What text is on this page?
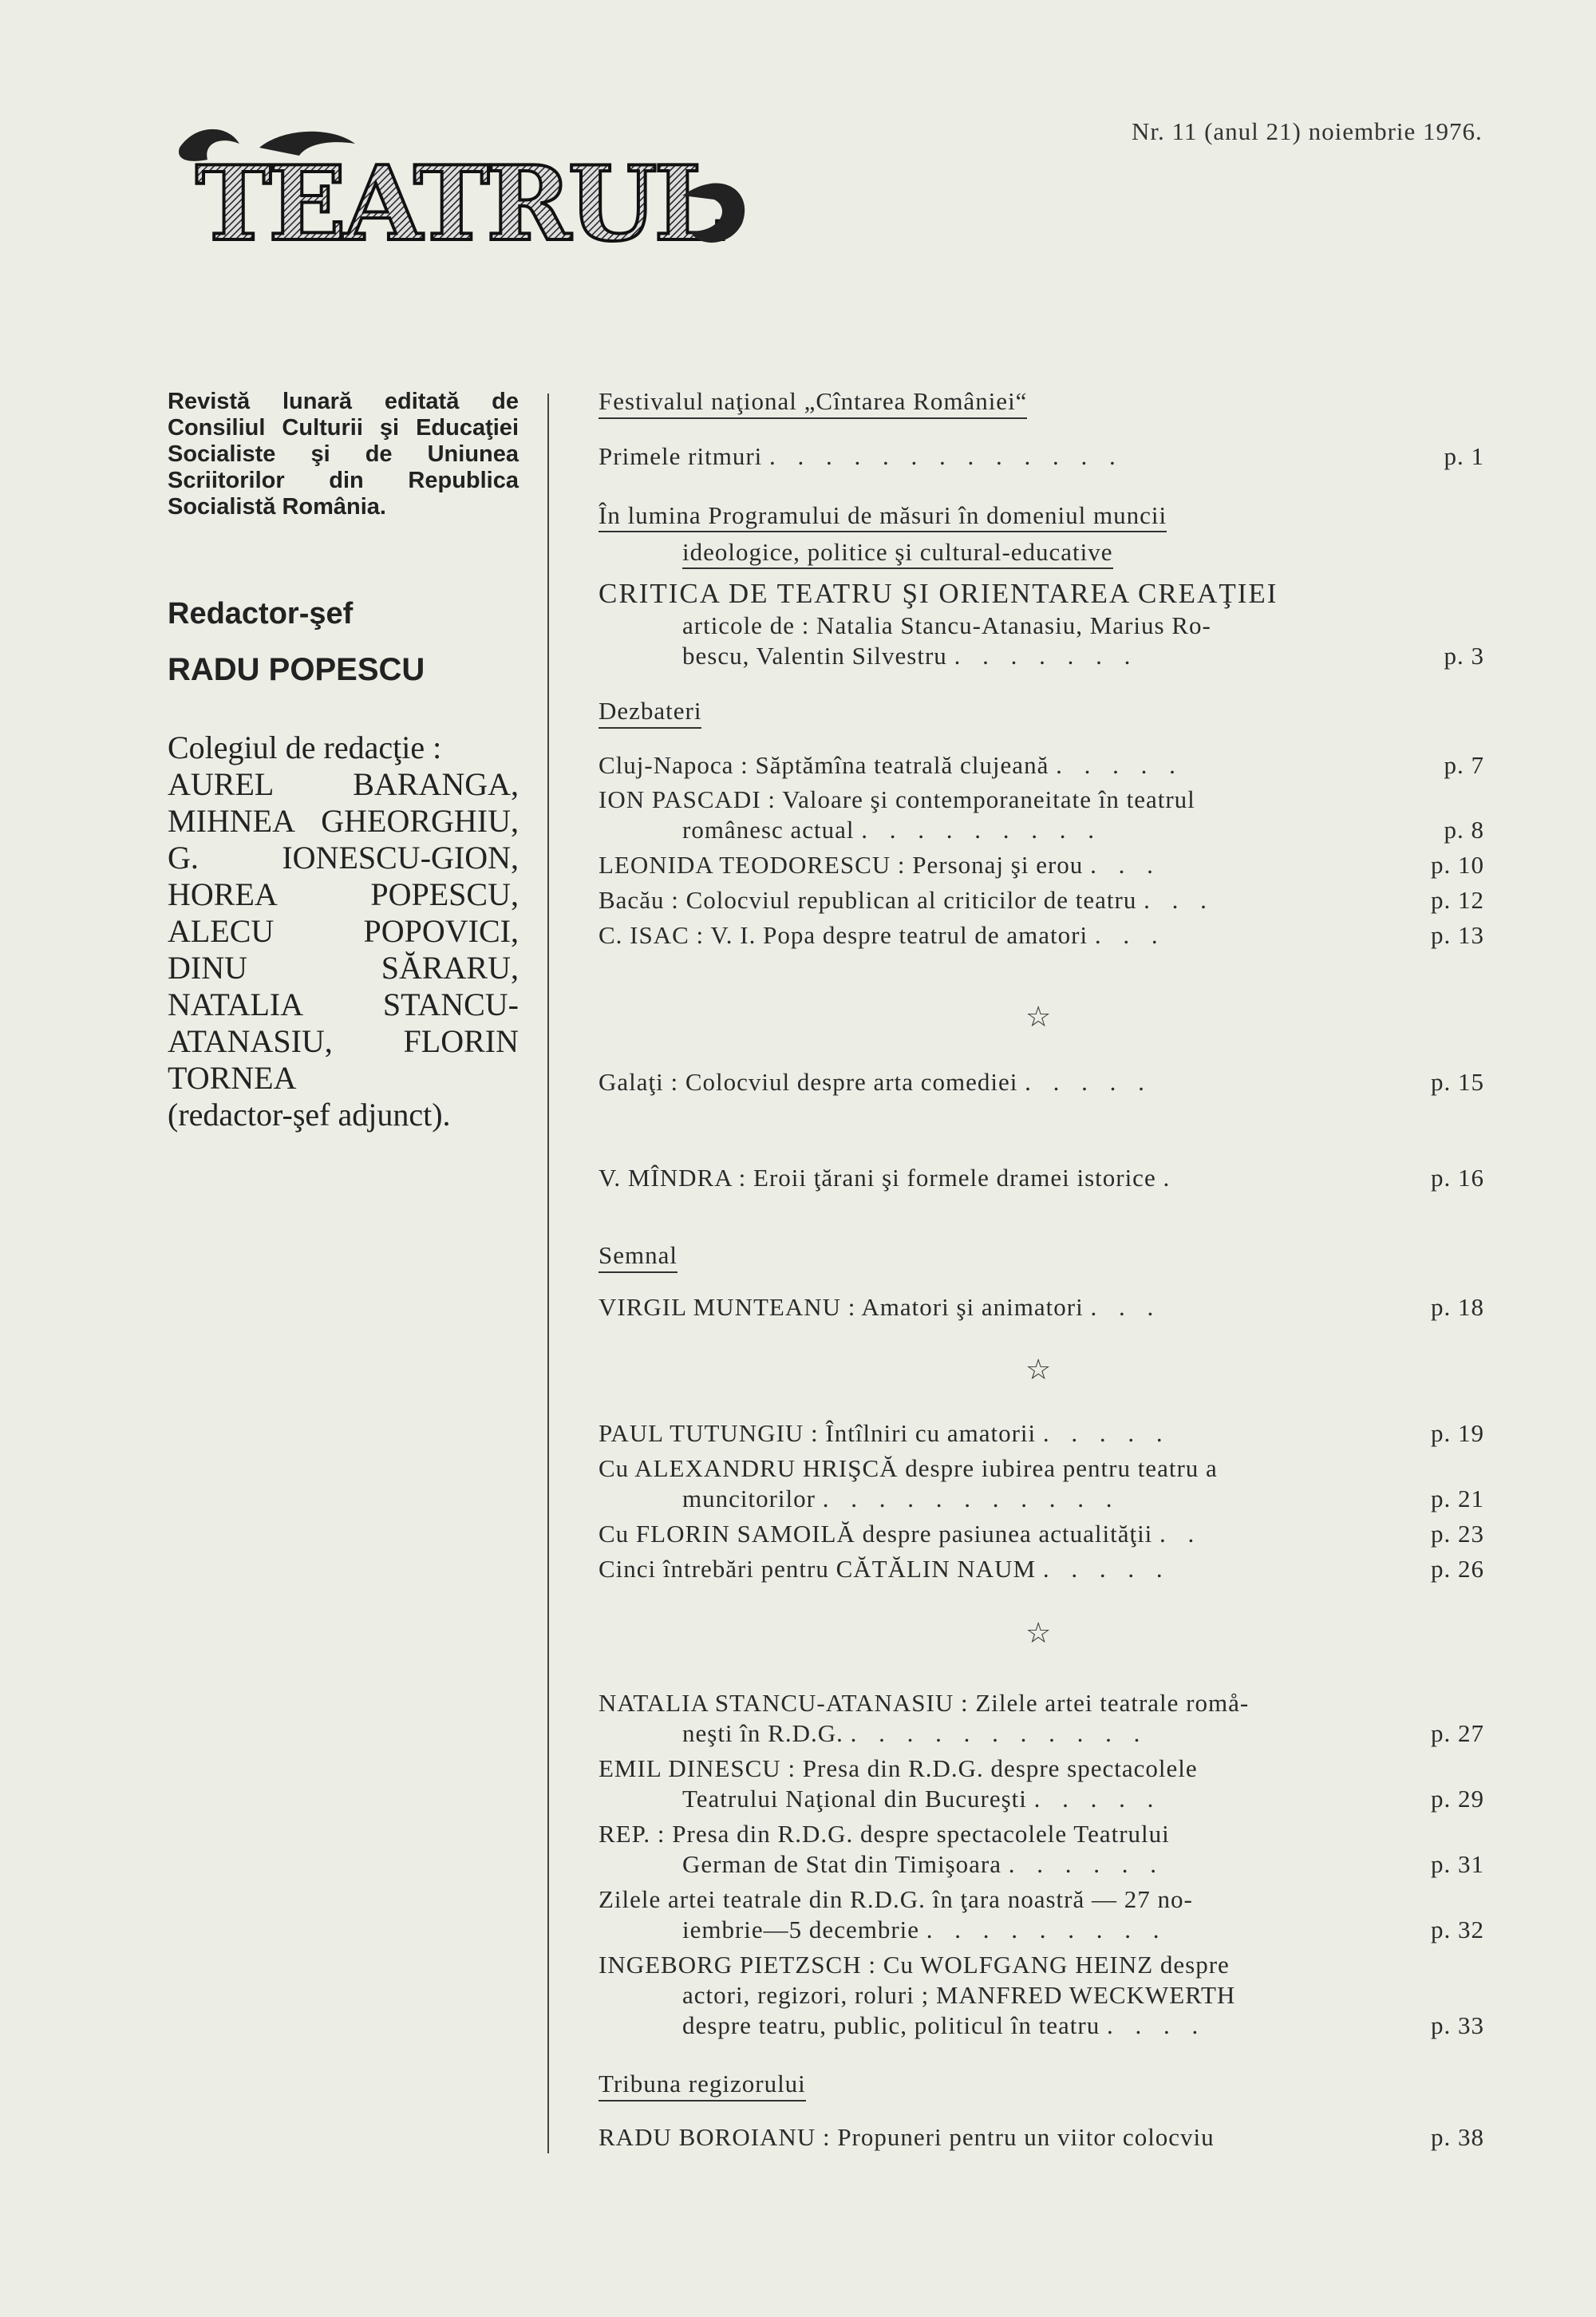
TEATRUL
Nr. 11 (anul 21) noiembrie 1976.
Revistă lunară editată de Consiliul Culturii şi Educaţiei Socialiste şi de Uniunea Scriitorilor din Republica Socialistă România.
Redactor-şef
RADU POPESCU
Colegiul de redacţie :
AUREL BARANGA, MIHNEA GHEORGHIU, G. IONESCU-GION, HOREA POPESCU, ALECU POPOVICI, DINU SĂRARU, NATALIA STANCU-ATANASIU, FLORIN TORNEA
(redactor-şef adjunct).
Festivalul naţional „Cîntarea României“
Primele ritmuri . . . . . . . . . . . . .	p. 1
În lumina Programului de măsuri în domeniul muncii
ideologice, politice şi cultural-educative
CRITICA DE TEATRU ŞI ORIENTAREA CREAŢIEI
articole de : Natalia Stancu-Atanasiu, Marius Ro-
bescu, Valentin Silvestru . . . . . . .	p. 3
Dezbateri
Cluj-Napoca : Săptămîna teatrală clujeană . . . . .	p. 7
ION PASCADI : Valoare şi contemporaneitate în teatrul
românesc actual . . . . . . . . .	p. 8
LEONIDA TEODORESCU : Personaj şi erou . . .	p. 10
Bacău : Colocviul republican al criticilor de teatru . . .	p. 12
C. ISAC : V. I. Popa despre teatrul de amatori . . .	p. 13
☆
Galaţi : Colocviul despre arta comediei . . . . .	p. 15
V. MÎNDRA : Eroii ţărani şi formele dramei istorice .	p. 16
Semnal
VIRGIL MUNTEANU : Amatori şi animatori . . .	p. 18
☆
PAUL TUTUNGIU : Întîlniri cu amatorii . . . . .	p. 19
Cu ALEXANDRU HRIŞCĂ despre iubirea pentru teatru a
muncitorilor . . . . . . . . . . .	p. 21
Cu FLORIN SAMOILĂ despre pasiunea actualităţii . .	p. 23
Cinci întrebări pentru CĂTĂLIN NAUM . . . . .	p. 26
☆
NATALIA STANCU-ATANASIU : Zilele artei teatrale romå-
neşti în R.D.G. . . . . . . . . . . .	p. 27
EMIL DINESCU : Presa din R.D.G. despre spectacolele
Teatrului Naţional din Bucureşti . . . . .	p. 29
REP. : Presa din R.D.G. despre spectacolele Teatrului
German de Stat din Timişoara . . . . . .	p. 31
Zilele artei teatrale din R.D.G. în ţara noastră — 27 no-
iembrie—5 decembrie . . . . . . . . .	p. 32
INGEBORG PIETZSCH : Cu WOLFGANG HEINZ despre
actori, regizori, roluri ; MANFRED WECKWERTH
despre teatru, public, politicul în teatru . . . .	p. 33
Tribuna regizorului
RADU BOROIANU : Propuneri pentru un viitor colocviu	p. 38
